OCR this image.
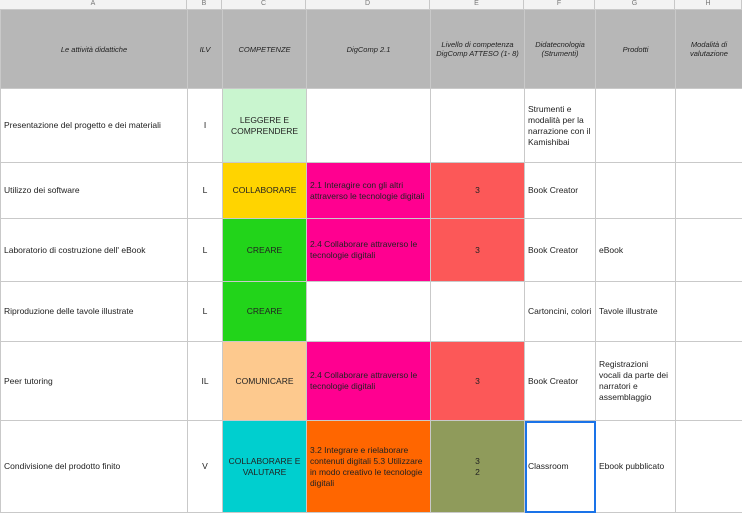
A	B	C	D	E	F	G	H
Le attività didattiche	ILV	COMPETENZE	DigComp 2.1	Livello di competenza DigComp ATTESO (1- 8)	Didatecnologia (Strumenti)	Prodotti	Modalità di valutazione
Presentazione del progetto e dei materiali	I	LEGGERE E COMPRENDERE			Strumenti e modalità per la narrazione con il Kamishibai		
Utilizzo dei software	L	COLLABORARE	2.1 Interagire con gli altri attraverso le tecnologie digitali	3	Book Creator		
Laboratorio di costruzione dell' eBook	L	CREARE	2.4 Collaborare attraverso le tecnologie digitali	3	Book Creator	eBook	
Riproduzione delle tavole illustrate	L	CREARE			Cartoncini, colori	Tavole illustrate	
Peer tutoring	IL	COMUNICARE	2.4 Collaborare attraverso le tecnologie digitali	3	Book Creator	Registrazioni vocali da parte dei narratori e assemblaggio	
Condivisione del prodotto finito	V	COLLABORARE E VALUTARE	3.2 Integrare e rielaborare contenuti digitali 5.3 Utilizzare in modo creativo le tecnologie digitali	3 2	Classroom	Ebook pubblicato	
